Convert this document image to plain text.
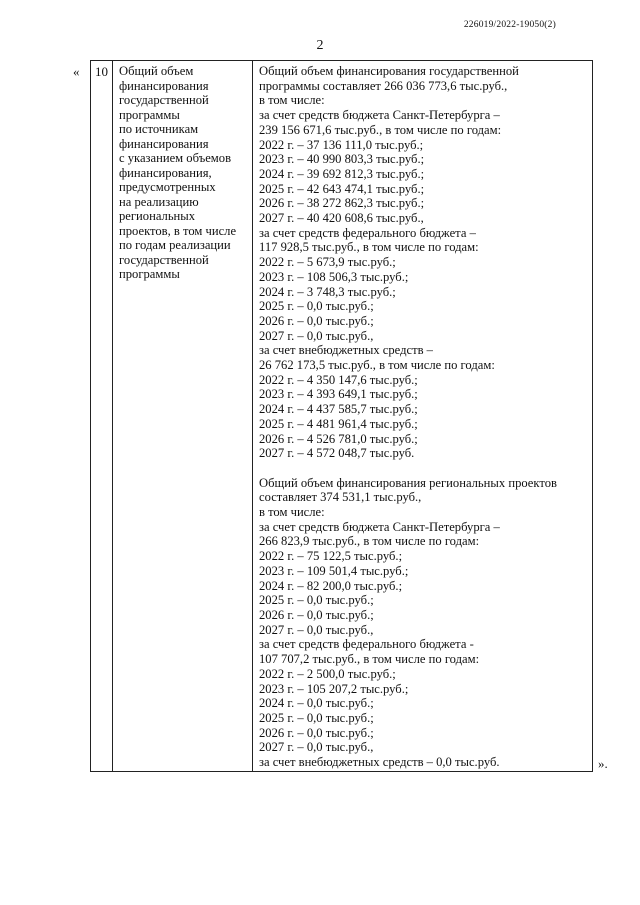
226019/2022-19050(2)
2
«
».
10 Общий объем
финансирования
государственной
программы
по источникам
финансирования
с указанием объемов
финансирования,
предусмотренных
на реализацию
региональных
проектов, в том числе
по годам реализации
государственной
программы
Общий объем финансирования государственной
программы составляет 266 036 773,6 тыс.руб.,
в том числе:
за счет средств бюджета Санкт-Петербурга –
239 156 671,6 тыс.руб., в том числе по годам:
2022 г. – 37 136 111,0 тыс.руб.;
2023 г. – 40 990 803,3 тыс.руб.;
2024 г. – 39 692 812,3 тыс.руб.;
2025 г. – 42 643 474,1 тыс.руб.;
2026 г. – 38 272 862,3 тыс.руб.;
2027 г. – 40 420 608,6 тыс.руб.,
за счет средств федерального бюджета –
117 928,5 тыс.руб., в том числе по годам:
2022 г. – 5 673,9 тыс.руб.;
2023 г. – 108 506,3 тыс.руб.;
2024 г. – 3 748,3 тыс.руб.;
2025 г. – 0,0 тыс.руб.;
2026 г. – 0,0 тыс.руб.;
2027 г. – 0,0 тыс.руб.,
за счет внебюджетных средств –
26 762 173,5 тыс.руб., в том числе по годам:
2022 г. – 4 350 147,6 тыс.руб.;
2023 г. – 4 393 649,1 тыс.руб.;
2024 г. – 4 437 585,7 тыс.руб.;
2025 г. – 4 481 961,4 тыс.руб.;
2026 г. – 4 526 781,0 тыс.руб.;
2027 г. – 4 572 048,7 тыс.руб.
Общий объем финансирования региональных проектов
составляет 374 531,1 тыс.руб.,
в том числе:
за счет средств бюджета Санкт-Петербурга –
266 823,9 тыс.руб., в том числе по годам:
2022 г. – 75 122,5 тыс.руб.;
2023 г. – 109 501,4 тыс.руб.;
2024 г. – 82 200,0 тыс.руб.;
2025 г. – 0,0 тыс.руб.;
2026 г. – 0,0 тыс.руб.;
2027 г. – 0,0 тыс.руб.,
за счет средств федерального бюджета -
107 707,2 тыс.руб., в том числе по годам:
2022 г. – 2 500,0 тыс.руб.;
2023 г. – 105 207,2 тыс.руб.;
2024 г. – 0,0 тыс.руб.;
2025 г. – 0,0 тыс.руб.;
2026 г. – 0,0 тыс.руб.;
2027 г. – 0,0 тыс.руб.,
за счет внебюджетных средств – 0,0 тыс.руб.
